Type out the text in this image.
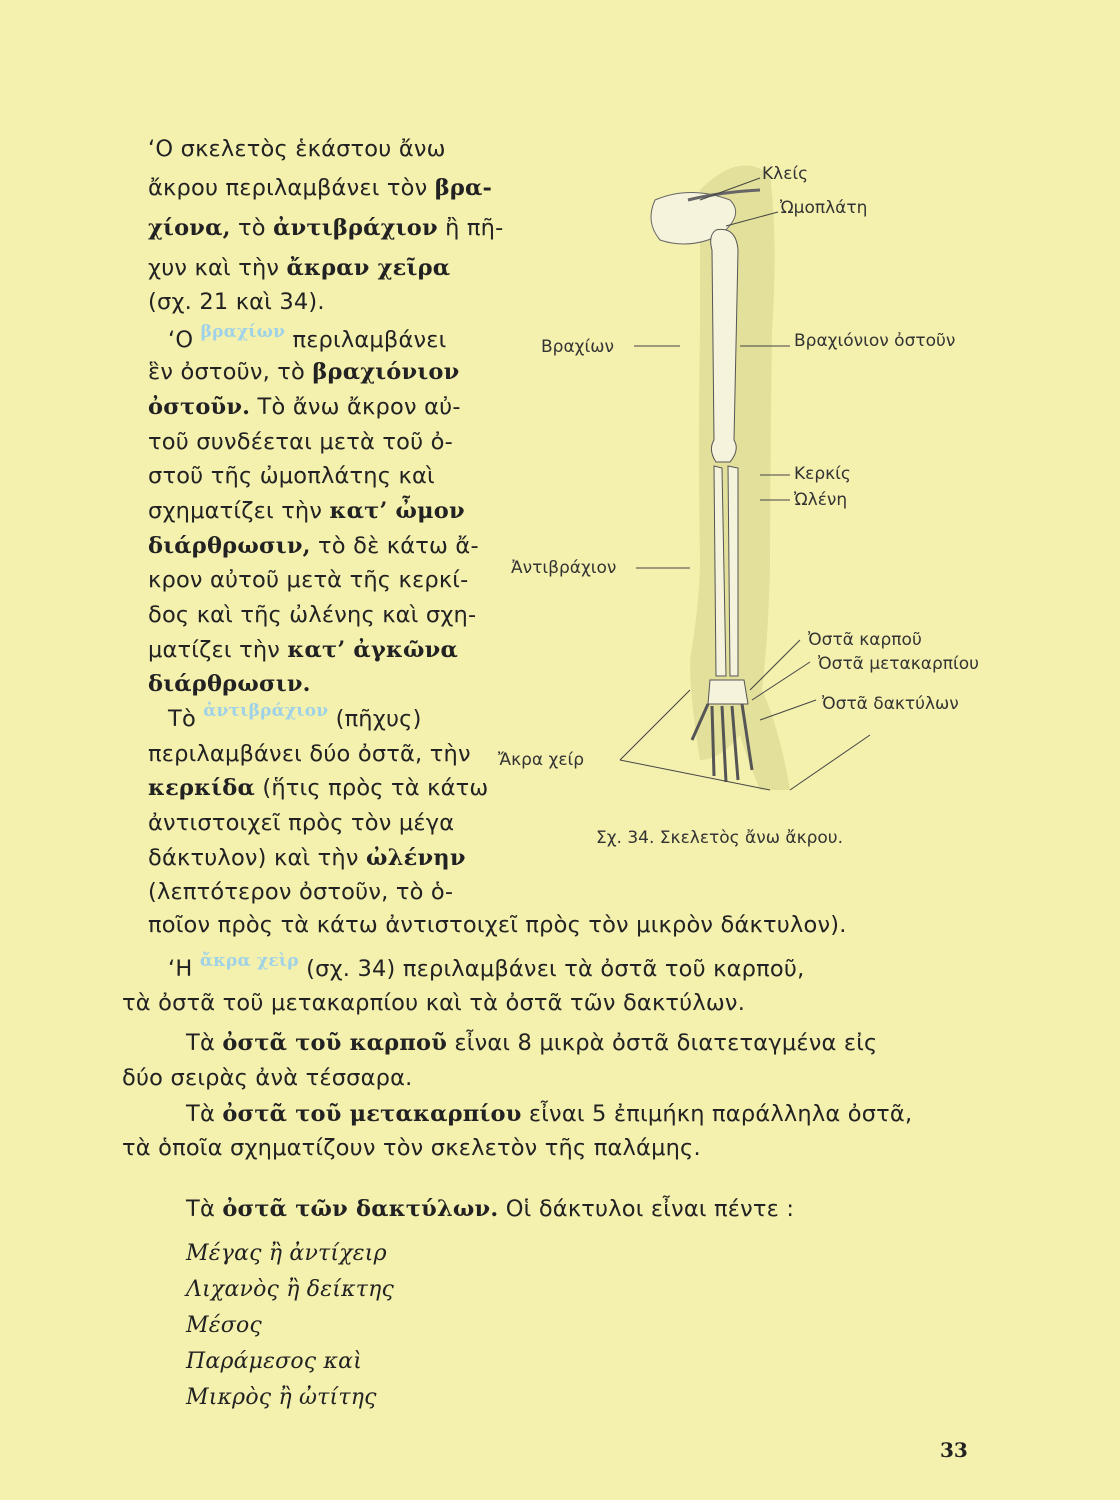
‘Ο σκελετὸς ἑκάστου ἄνω
ἄκρου περιλαμβάνει τὸν βρα-
χίονα, τὸ ἀντιβράχιον ἢ πῆ-
χυν καὶ τὴν ἄκραν χεῖρα
(σχ. 21 καὶ 34).
‘Ο $^{\beta\rho\alpha\chi ί\omega\nu}$ περιλαμβάνει
ἓν ὀστοῦν, τὸ βραχιόνιον
ὀστοῦν. Τὸ ἄνω ἄκρον αὐ-
τοῦ συνδέεται μετὰ τοῦ ὀ-
στοῦ τῆς ὠμοπλάτης καὶ
σχηματίζει τὴν κατ’ ὦμον
διάρθρωσιν, τὸ δὲ κάτω ἄ-
κρον αὐτοῦ μετὰ τῆς κερκί-
δος καὶ τῆς ὠλένης καὶ σχη-
ματίζει τὴν κατ’ ἀγκῶνα
διάρθρωσιν.
Τὸ $^{ἀ\nu\tau\iota\beta\rho ά\chi\iota o\nu}$ (πῆχυς)
περιλαμβάνει δύο ὀστᾶ, τὴν
κερκίδα (ἥτις πρὸς τὰ κάτω
ἀντιστοιχεῖ πρὸς τὸν μέγα
δάκτυλον) καὶ τὴν ὠλένην
(λεπτότερον ὀστοῦν, τὸ ὁ-
ποῖον πρὸς τὰ κάτω ἀντιστοιχεῖ πρὸς τὸν μικρὸν δάκτυλον).
‘Η $^{ἄ\kappa\rho\alpha \chi\varepsilon ὶ\rho}$ (σχ. 34) περιλαμβάνει τὰ ὀστᾶ τοῦ καρποῦ,
τὰ ὀστᾶ τοῦ μετακαρπίου καὶ τὰ ὀστᾶ τῶν δακτύλων.
Τὰ ὀστᾶ τοῦ καρποῦ εἶναι 8 μικρὰ ὀστᾶ διατεταγμένα εἰς
δύο σειρὰς ἀνὰ τέσσαρα.
Τὰ ὀστᾶ τοῦ μετακαρπίου εἶναι 5 ἐπιμήκη παράλληλα ὀστᾶ,
τὰ ὁποῖα σχηματίζουν τὸν σκελετὸν τῆς παλάμης.
Τὰ ὀστᾶ τῶν δακτύλων. Οἱ δάκτυλοι εἶναι πέντε :
Μέγας ἢ ἀντίχειρ
Λιχανὸς ἢ δείκτης
Μέσος
Παράμεσος καὶ
Μικρὸς ἢ ὠτίτης
Κλείς
Ὠμοπλάτη
Βραχίων	Βραχιόνιον ὀστοῦν
Κερκίς
Ὠλένη
Ἀντιβράχιον
Ὀστᾶ καρποῦ
Ὀστᾶ μετακαρπίου
Ὀστᾶ δακτύλων
Ἄκρα χείρ
Σχ. 34. Σκελετὸς ἄνω ἄκρου.
33
